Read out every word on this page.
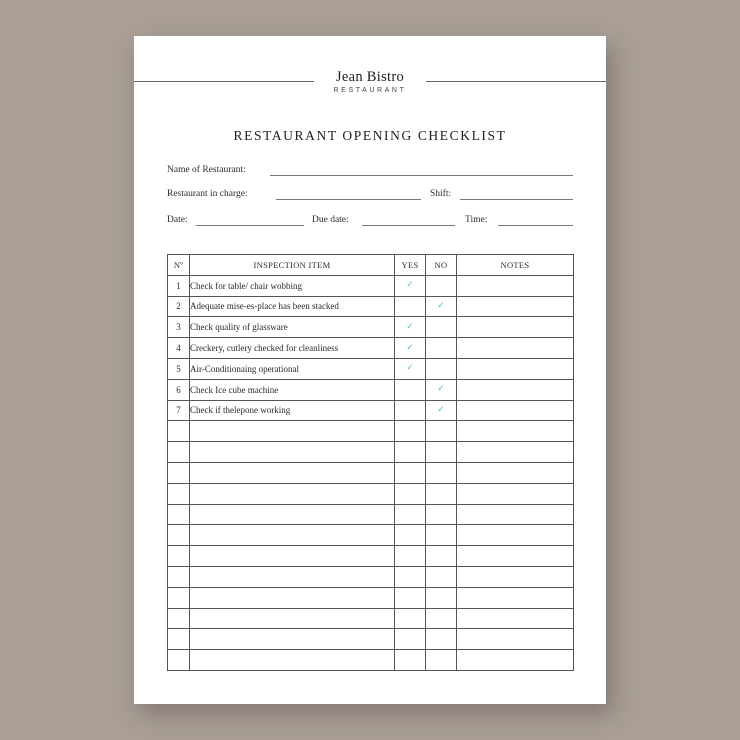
Jean Bistro
RESTAURANT
RESTAURANT OPENING CHECKLIST
Name of Restaurant:
Restaurant in charge:	Shift:
Date:	Due date:	Time:
Nº	INSPECTION ITEM	YES	NO	NOTES
1	Check for table/ chair wobbing	✓		
2	Adequate mise-es-place has been stacked		✓	
3	Check quality of glassware	✓		
4	Creckery, cutlery checked for cleanliness	✓		
5	Air-Conditionaing operational	✓		
6	Check Ice cube machine		✓	
7	Check if thelepone working		✓	
